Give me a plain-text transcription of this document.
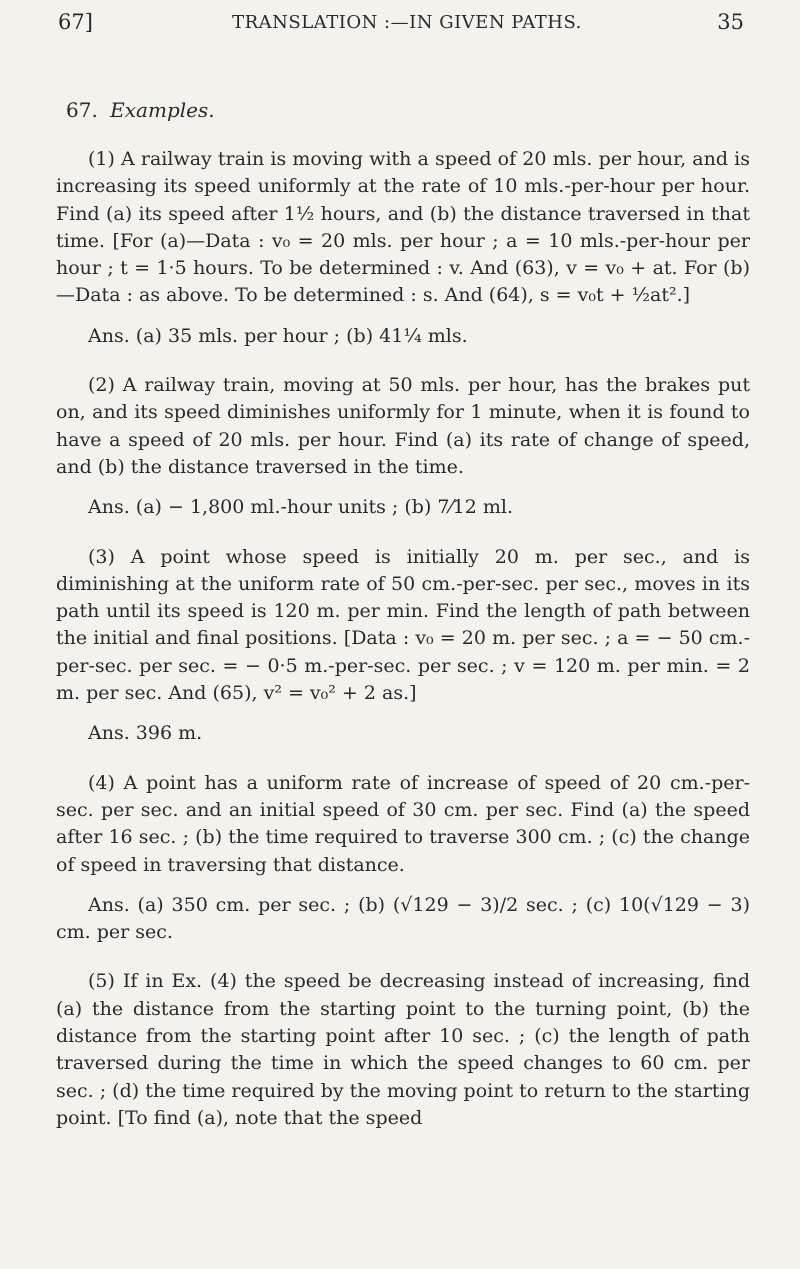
67]	TRANSLATION :—IN GIVEN PATHS.	35
67. Examples.

(1) A railway train is moving with a speed of 20 mls. per hour, and is increasing its speed uniformly at the rate of 10 mls.-per-hour per hour. Find (a) its speed after 1½ hours, and (b) the distance traversed in that time. [For (a)—Data : v₀ = 20 mls. per hour ; a = 10 mls.-per-hour per hour ; t = 1·5 hours. To be determined : v. And (63), v = v₀ + at. For (b)—Data : as above. To be determined : s. And (64), s = v₀t + ½at².]

Ans. (a) 35 mls. per hour ; (b) 41¼ mls.

(2) A railway train, moving at 50 mls. per hour, has the brakes put on, and its speed diminishes uniformly for 1 minute, when it is found to have a speed of 20 mls. per hour. Find (a) its rate of change of speed, and (b) the distance traversed in the time.

Ans. (a) − 1,800 ml.-hour units ; (b) 7⁄12 ml.

(3) A point whose speed is initially 20 m. per sec., and is diminishing at the uniform rate of 50 cm.-per-sec. per sec., moves in its path until its speed is 120 m. per min. Find the length of path between the initial and final positions. [Data : v₀ = 20 m. per sec. ; a = − 50 cm.-per-sec. per sec. = − 0·5 m.-per-sec. per sec. ; v = 120 m. per min. = 2 m. per sec. And (65), v² = v₀² + 2 as.]

Ans. 396 m.

(4) A point has a uniform rate of increase of speed of 20 cm.-per-sec. per sec. and an initial speed of 30 cm. per sec. Find (a) the speed after 16 sec. ; (b) the time required to traverse 300 cm. ; (c) the change of speed in traversing that distance.

Ans. (a) 350 cm. per sec. ; (b) (√129 − 3)/2 sec. ; (c) 10(√129 − 3) cm. per sec.

(5) If in Ex. (4) the speed be decreasing instead of increasing, find (a) the distance from the starting point to the turning point, (b) the distance from the starting point after 10 sec. ; (c) the length of path traversed during the time in which the speed changes to 60 cm. per sec. ; (d) the time required by the moving point to return to the starting point. [To find (a), note that the speed
